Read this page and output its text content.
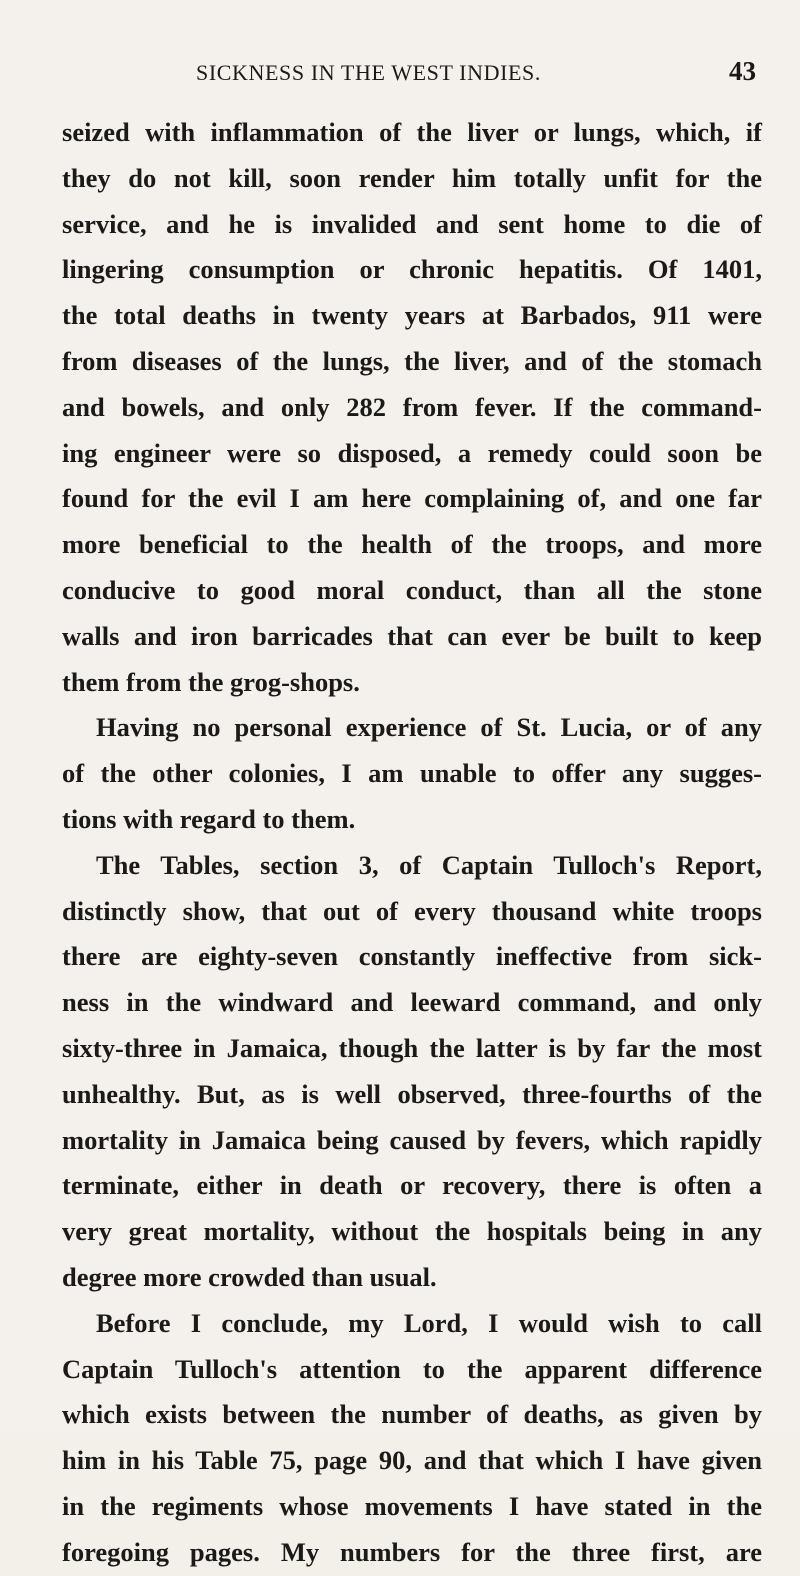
SICKNESS IN THE WEST INDIES.	43
seized with inflammation of the liver or lungs, which, if
they do not kill, soon render him totally unfit for the
service, and he is invalided and sent home to die of
lingering consumption or chronic hepatitis. Of 1401,
the total deaths in twenty years at Barbados, 911 were
from diseases of the lungs, the liver, and of the stomach
and bowels, and only 282 from fever. If the command-
ing engineer were so disposed, a remedy could soon be
found for the evil I am here complaining of, and one far
more beneficial to the health of the troops, and more
conducive to good moral conduct, than all the stone
walls and iron barricades that can ever be built to keep
them from the grog-shops.
Having no personal experience of St. Lucia, or of any
of the other colonies, I am unable to offer any sugges-
tions with regard to them.
The Tables, section 3, of Captain Tulloch's Report,
distinctly show, that out of every thousand white troops
there are eighty-seven constantly ineffective from sick-
ness in the windward and leeward command, and only
sixty-three in Jamaica, though the latter is by far the most
unhealthy. But, as is well observed, three-fourths of the
mortality in Jamaica being caused by fevers, which rapidly
terminate, either in death or recovery, there is often a
very great mortality, without the hospitals being in any
degree more crowded than usual.
Before I conclude, my Lord, I would wish to call
Captain Tulloch's attention to the apparent difference
which exists between the number of deaths, as given by
him in his Table 75, page 90, and that which I have given
in the regiments whose movements I have stated in the
foregoing pages. My numbers for the three first, are
